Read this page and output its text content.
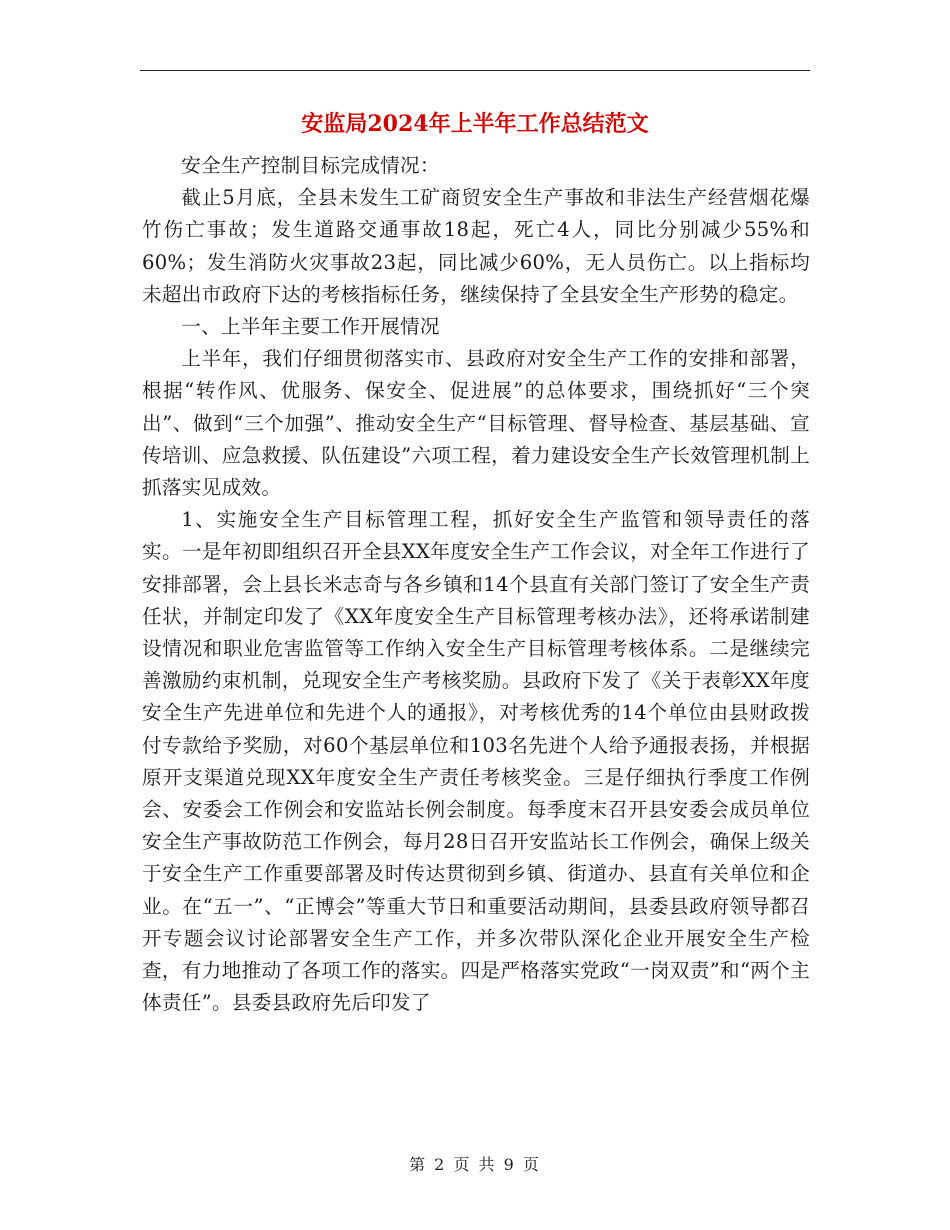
安监局2024年上半年工作总结范文

安全生产控制目标完成情况：

截止5月底，全县未发生工矿商贸安全生产事故和非法生产经营烟花爆竹伤亡事故；发生道路交通事故18起，死亡4人，同比分别减少55%和60%；发生消防火灾事故23起，同比减少60%，无人员伤亡。以上指标均未超出市政府下达的考核指标任务，继续保持了全县安全生产形势的稳定。

一、上半年主要工作开展情况

上半年，我们仔细贯彻落实市、县政府对安全生产工作的安排和部署，根据“转作风、优服务、保安全、促进展”的总体要求，围绕抓好“三个突出”、做到“三个加强”、推动安全生产“目标管理、督导检查、基层基础、宣传培训、应急救援、队伍建设”六项工程，着力建设安全生产长效管理机制上抓落实见成效。

1、实施安全生产目标管理工程，抓好安全生产监管和领导责任的落实。一是年初即组织召开全县XX年度安全生产工作会议，对全年工作进行了安排部署，会上县长米志奇与各乡镇和14个县直有关部门签订了安全生产责任状，并制定印发了《XX年度安全生产目标管理考核办法》，还将承诺制建设情况和职业危害监管等工作纳入安全生产目标管理考核体系。二是继续完善激励约束机制，兑现安全生产考核奖励。县政府下发了《关于表彰XX年度安全生产先进单位和先进个人的通报》，对考核优秀的14个单位由县财政拨付专款给予奖励，对60个基层单位和103名先进个人给予通报表扬，并根据原开支渠道兑现XX年度安全生产责任考核奖金。三是仔细执行季度工作例会、安委会工作例会和安监站长例会制度。每季度末召开县安委会成员单位安全生产事故防范工作例会，每月28日召开安监站长工作例会，确保上级关于安全生产工作重要部署及时传达贯彻到乡镇、街道办、县直有关单位和企业。在“五一”、“正博会”等重大节日和重要活动期间，县委县政府领导都召开专题会议讨论部署安全生产工作，并多次带队深化企业开展安全生产检查，有力地推动了各项工作的落实。四是严格落实党政“一岗双责”和“两个主体责任”。县委县政府先后印发了

第 2 页 共 9 页
